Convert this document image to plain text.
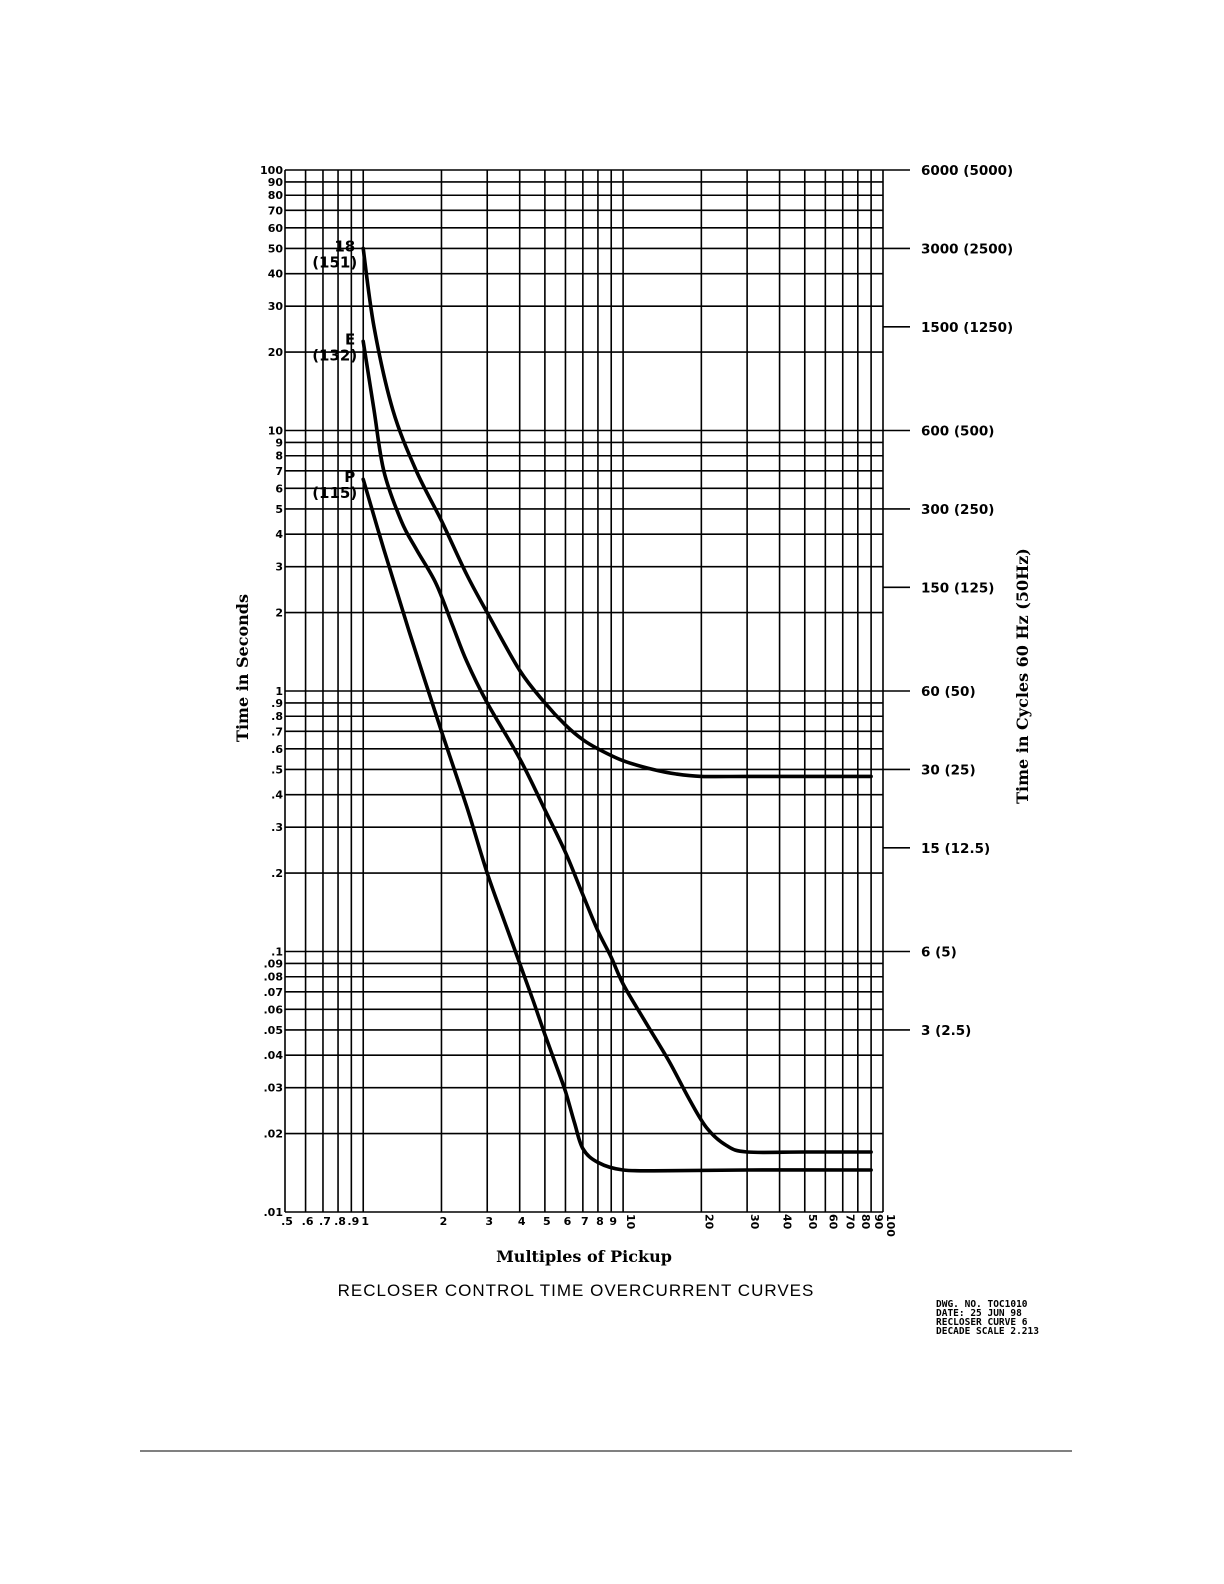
100
90
80
70
60
50
40
30
20
10
9
8
7
6
5
4
3
2
1
.9
.8
.7
.6
.5
.4
.3
.2
.1
.09
.08
.07
.06
.05
.04
.03
.02
.01
.5 .6 .7 .8 .9 1	2	3 4 5 6 7 8 9 10	20	30 40 50 60 70 80 90
100
6000 (5000)
3000 (2500)
1500 (1250)
600 (500)
300 (250)
150 (125)
60 (50)
30 (25)
15 (12.5)
6 (5)
3 (2.5)
18
(151)
E
(132)
P
(115)
Time in Seconds	Time in Cycles 60 Hz (50Hz)
Multiples of Pickup
RECLOSER CONTROL TIME OVERCURRENT CURVES
DWG. NO. TOC1010
DATE: 25 JUN 98
RECLOSER CURVE 6
DECADE SCALE 2.213
